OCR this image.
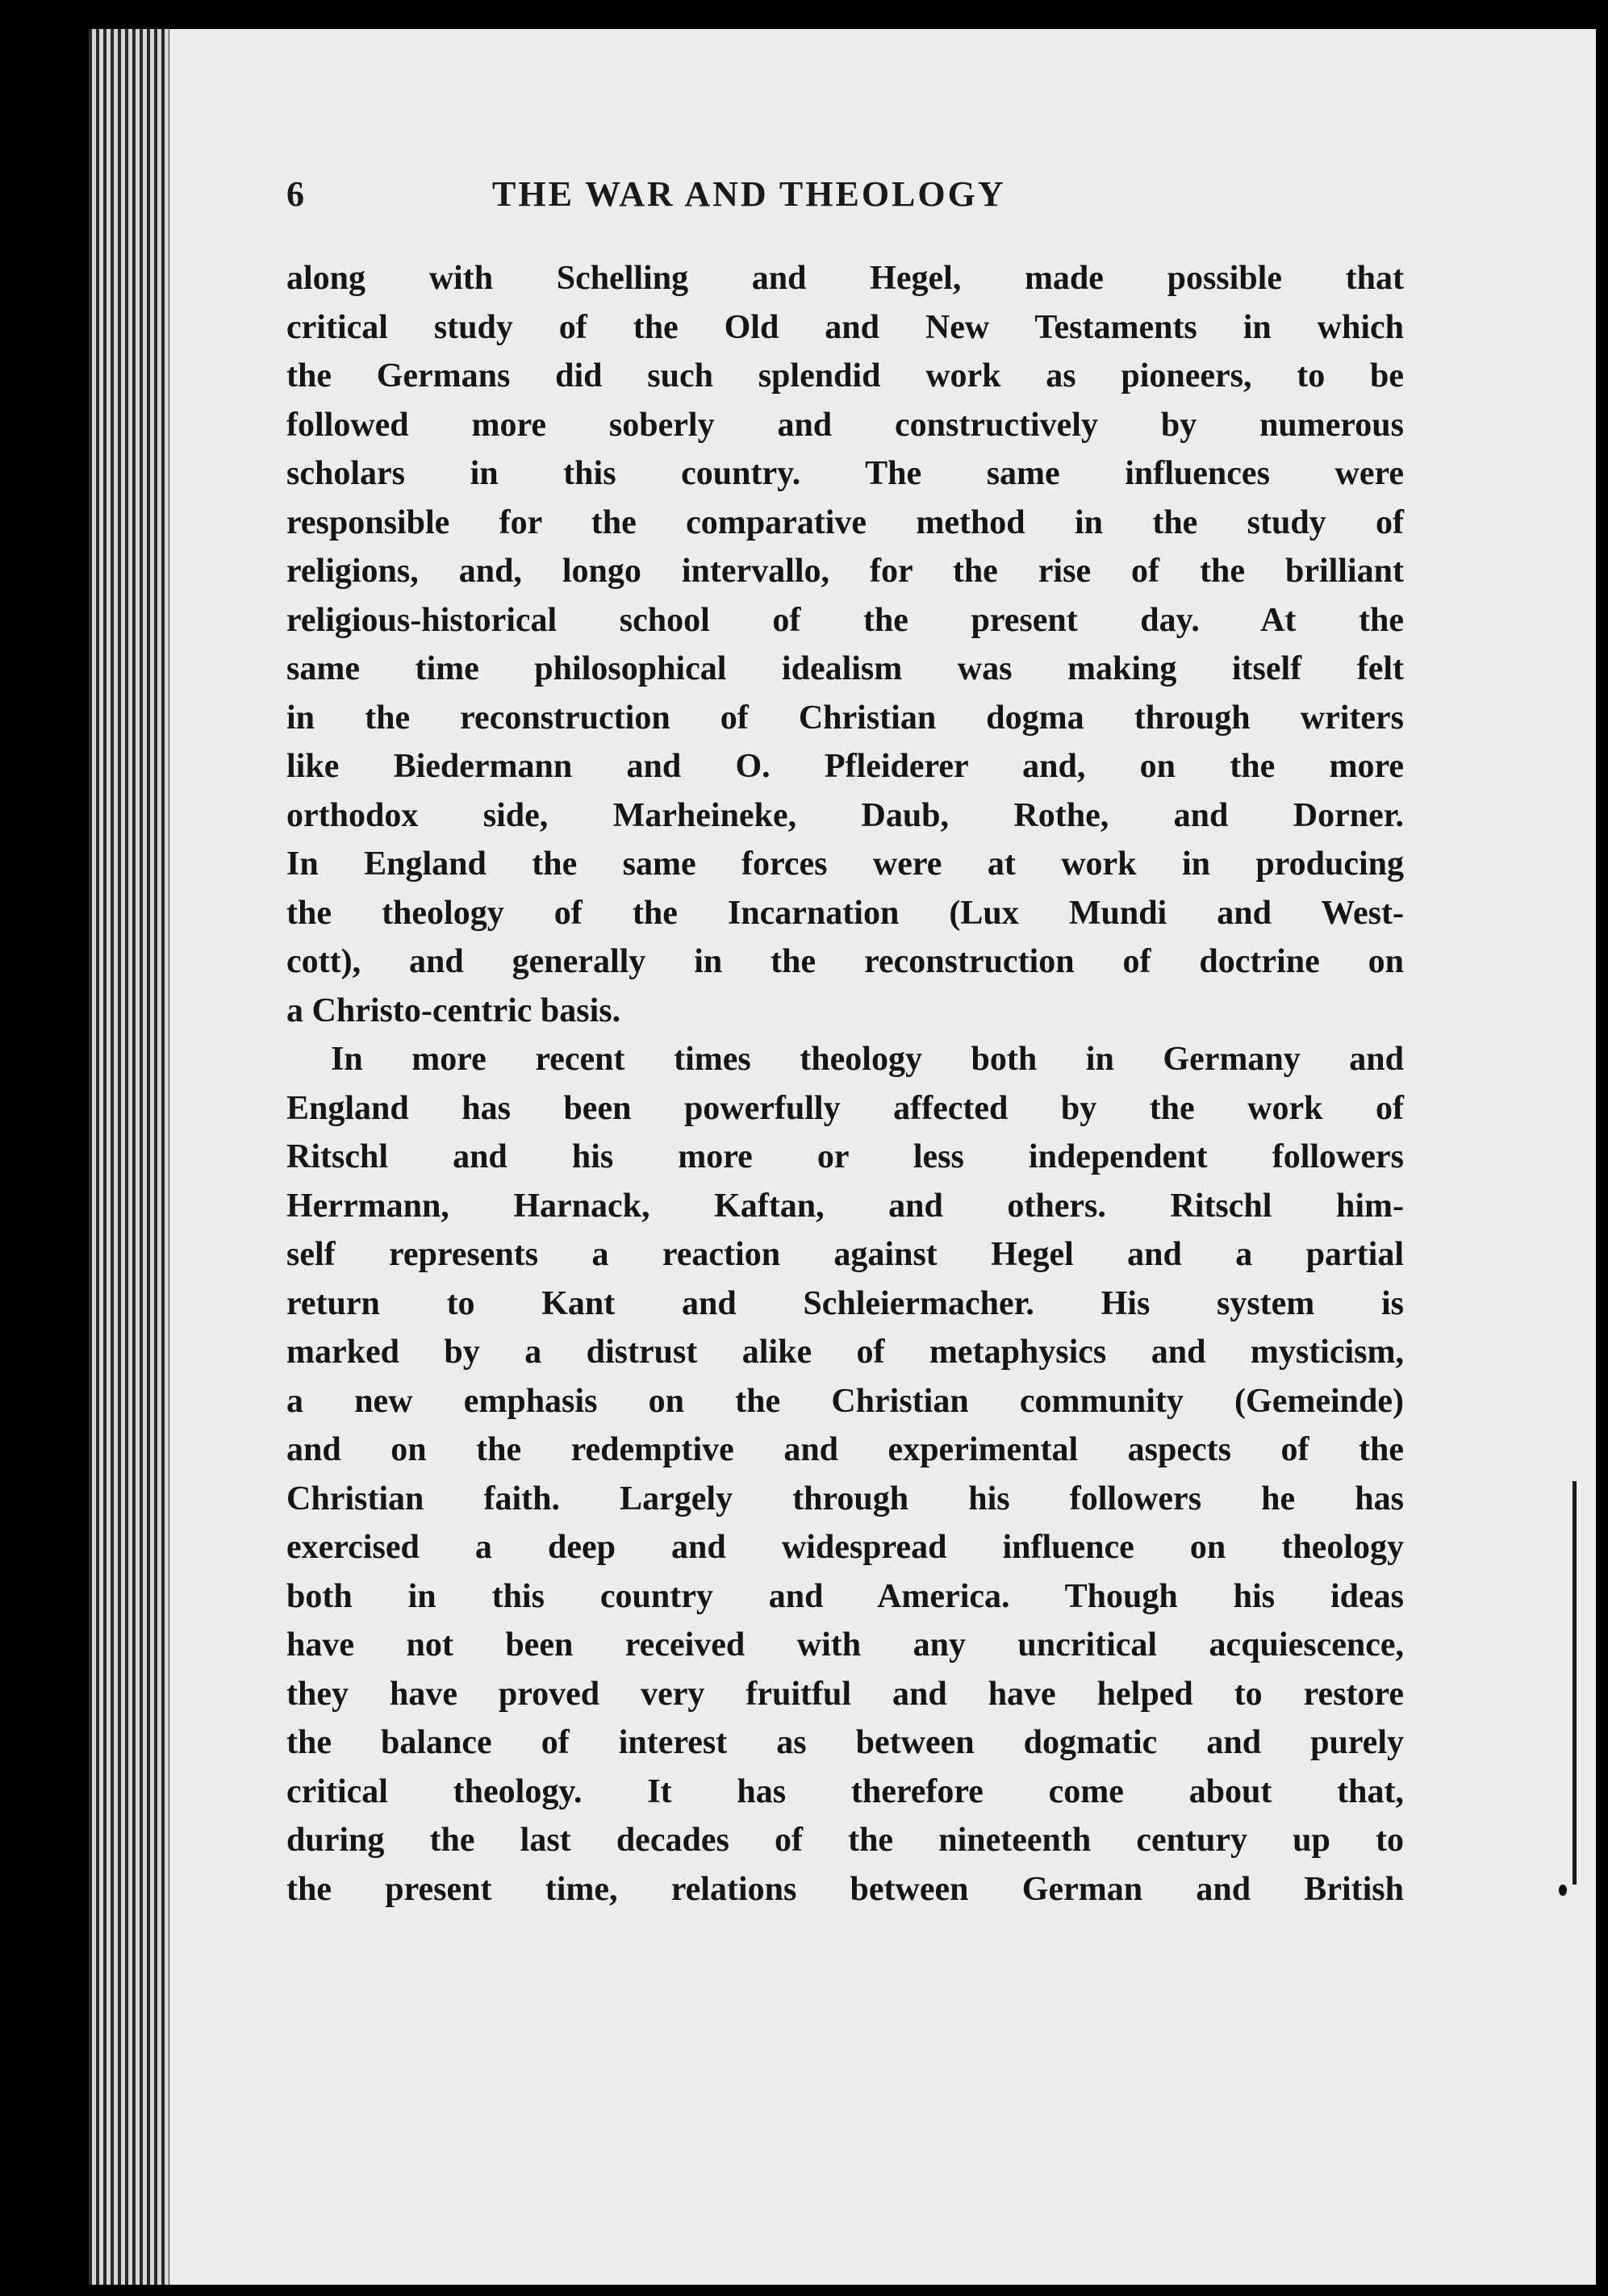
6	THE WAR AND THEOLOGY
along with Schelling and Hegel, made possible that
critical study of the Old and New Testaments in which
the Germans did such splendid work as pioneers, to be
followed more soberly and constructively by numerous
scholars in this country. The same influences were
responsible for the comparative method in the study of
religions, and, longo intervallo, for the rise of the brilliant
religious-historical school of the present day. At the
same time philosophical idealism was making itself felt
in the reconstruction of Christian dogma through writers
like Biedermann and O. Pfleiderer and, on the more
orthodox side, Marheineke, Daub, Rothe, and Dorner.
In England the same forces were at work in producing
the theology of the Incarnation (Lux Mundi and West-
cott), and generally in the reconstruction of doctrine on
a Christo-centric basis.
In more recent times theology both in Germany and
England has been powerfully affected by the work of
Ritschl and his more or less independent followers
Herrmann, Harnack, Kaftan, and others. Ritschl him-
self represents a reaction against Hegel and a partial
return to Kant and Schleiermacher. His system is
marked by a distrust alike of metaphysics and mysticism,
a new emphasis on the Christian community (Gemeinde)
and on the redemptive and experimental aspects of the
Christian faith. Largely through his followers he has
exercised a deep and widespread influence on theology
both in this country and America. Though his ideas
have not been received with any uncritical acquiescence,
they have proved very fruitful and have helped to restore
the balance of interest as between dogmatic and purely
critical theology. It has therefore come about that,
during the last decades of the nineteenth century up to
the present time, relations between German and British
